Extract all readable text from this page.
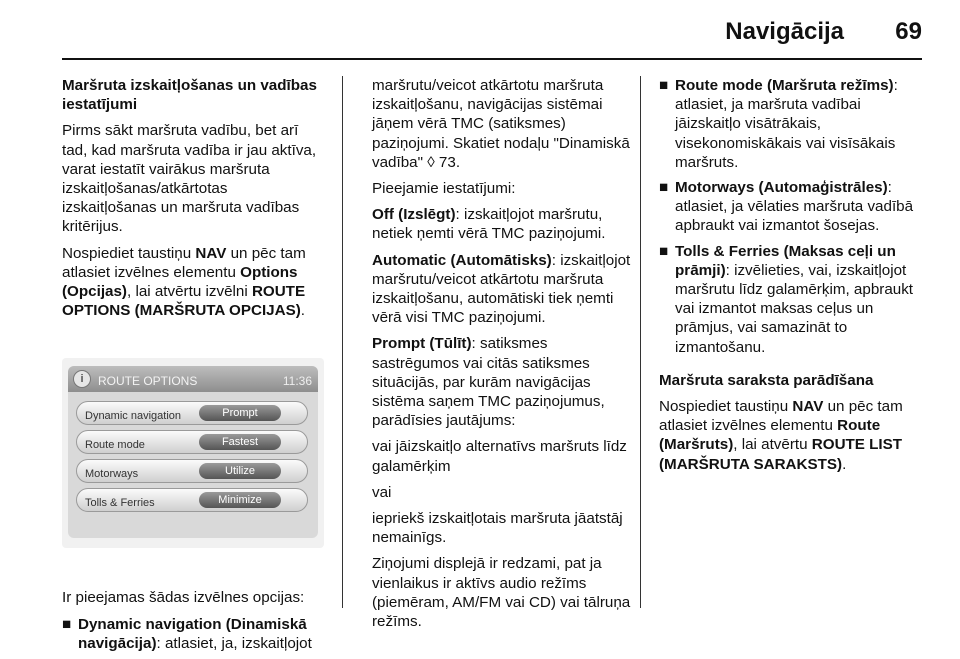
Navigācija 69

Maršruta izskaitļošanas un vadības iestatījumi

Pirms sākt maršruta vadību, bet arī tad, kad maršruta vadība ir jau aktīva, varat iestatīt vairākus maršruta izskaitļošanas/atkārtotas izskaitļošanas un maršruta vadības kritērijus.

Nospiediet taustiņu NAV un pēc tam atlasiet izvēlnes elementu Options (Opcijas), lai atvērtu izvēlni ROUTE OPTIONS (MARŠRUTA OPCIJAS).

i	ROUTE OPTIONS	11:36
Dynamic navigation	Prompt
Route mode	Fastest
Motorways	Utilize
Tolls & Ferries	Minimize

Ir pieejamas šādas izvēlnes opcijas:

■ Dynamic navigation (Dinamiskā navigācija): atlasiet, ja, izskaitļojot

maršrutu/veicot atkārtotu maršruta izskaitļošanu, navigācijas sistēmai jāņem vērā TMC (satiksmes) paziņojumi. Skatiet nodaļu "Dinamiskā vadība" ◊ 73.

Pieejamie iestatījumi:

Off (Izslēgt): izskaitļojot maršrutu, netiek ņemti vērā TMC paziņojumi.

Automatic (Automātisks): izskaitļojot maršrutu/veicot atkārtotu maršruta izskaitļošanu, automātiski tiek ņemti vērā visi TMC paziņojumi.

Prompt (Tūlīt): satiksmes sastrēgumos vai citās satiksmes situācijās, par kurām navigācijas sistēma saņem TMC paziņojumus, parādīsies jautājums:

vai jāizskaitļo alternatīvs maršruts līdz galamērķim

vai

iepriekš izskaitļotais maršruta jāatstāj nemainīgs.

Ziņojumi displejā ir redzami, pat ja vienlaikus ir aktīvs audio režīms (piemēram, AM/FM vai CD) vai tālruņa režīms.

■ Route mode (Maršruta režīms): atlasiet, ja maršruta vadībai jāizskaitļo visātrākais, visekonomiskākais vai visīsākais maršruts.
■ Motorways (Automaģistrāles): atlasiet, ja vēlaties maršruta vadībā apbraukt vai izmantot šosejas.
■ Tolls & Ferries (Maksas ceļi un prāmji): izvēlieties, vai, izskaitļojot maršrutu līdz galamērķim, apbraukt vai izmantot maksas ceļus un prāmjus, vai samazināt to izmantošanu.

Maršruta saraksta parādīšana

Nospiediet taustiņu NAV un pēc tam atlasiet izvēlnes elementu Route (Maršruts), lai atvērtu ROUTE LIST (MARŠRUTA SARAKSTS).
